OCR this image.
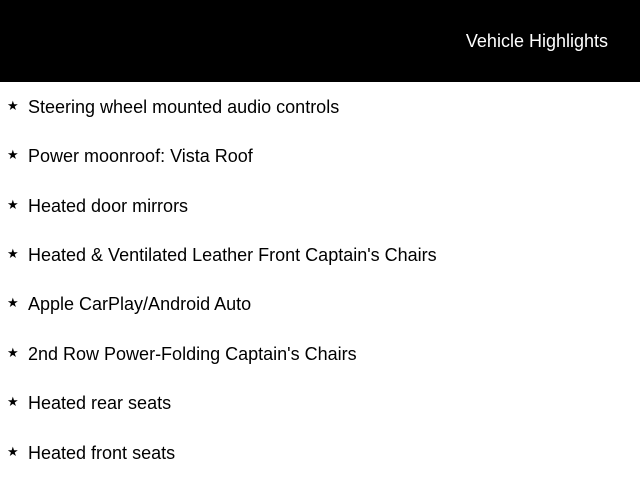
Vehicle Highlights
★ Steering wheel mounted audio controls
★ Power moonroof: Vista Roof
★ Heated door mirrors
★ Heated & Ventilated Leather Front Captain's Chairs
★ Apple CarPlay/Android Auto
★ 2nd Row Power-Folding Captain's Chairs
★ Heated rear seats
★ Heated front seats
